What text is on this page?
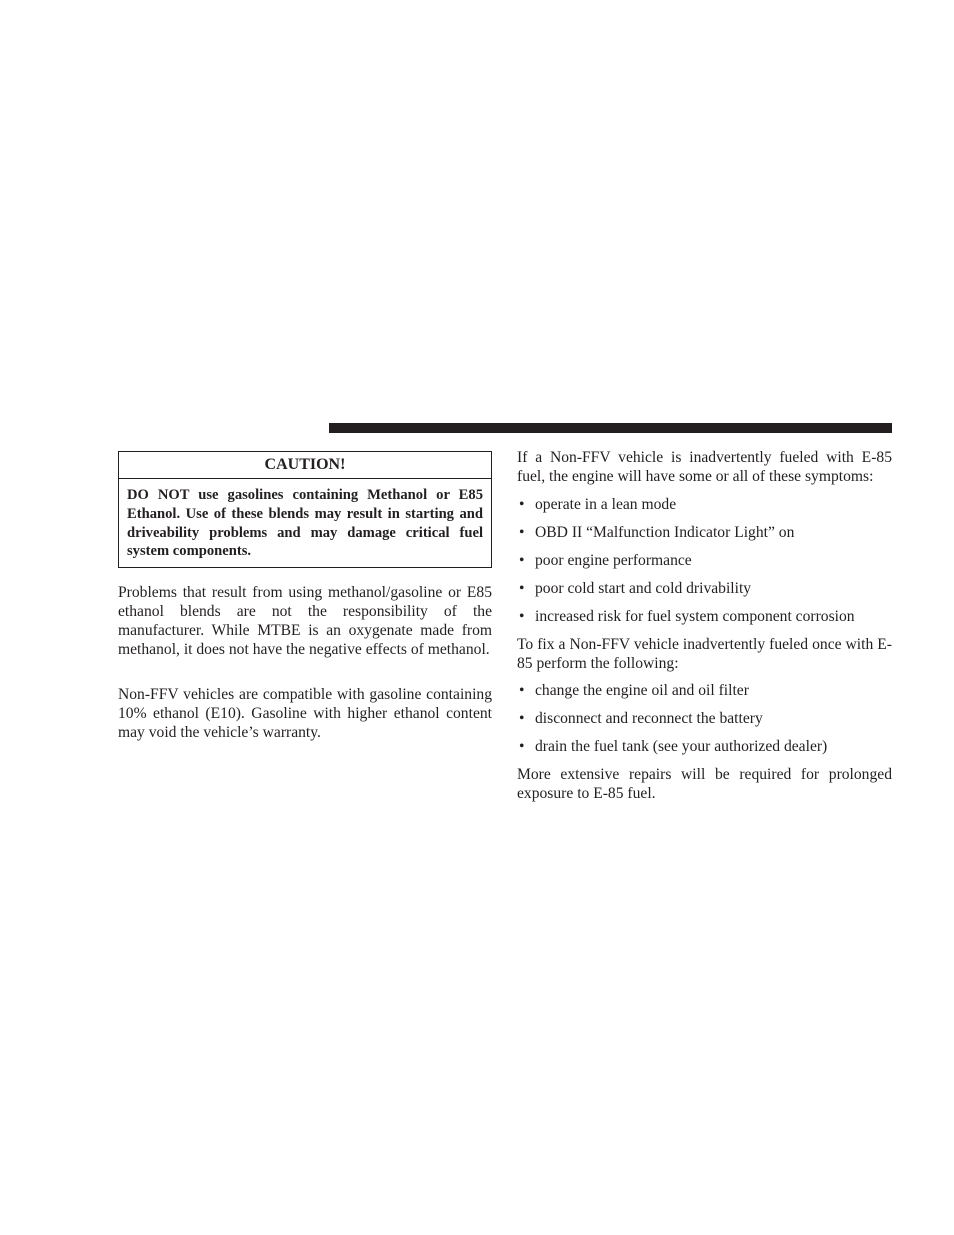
CAUTION!
DO NOT use gasolines containing Methanol or E85 Ethanol. Use of these blends may result in starting and driveability problems and may damage critical fuel system components.

Problems that result from using methanol/gasoline or E85 ethanol blends are not the responsibility of the manufacturer. While MTBE is an oxygenate made from methanol, it does not have the negative effects of methanol.

Non-FFV vehicles are compatible with gasoline containing 10% ethanol (E10). Gasoline with higher ethanol content may void the vehicle’s warranty.

If a Non-FFV vehicle is inadvertently fueled with E-85 fuel, the engine will have some or all of these symptoms:

• operate in a lean mode
• OBD II “Malfunction Indicator Light” on
• poor engine performance
• poor cold start and cold drivability
• increased risk for fuel system component corrosion

To fix a Non-FFV vehicle inadvertently fueled once with E-85 perform the following:

• change the engine oil and oil filter
• disconnect and reconnect the battery
• drain the fuel tank (see your authorized dealer)

More extensive repairs will be required for prolonged exposure to E-85 fuel.
